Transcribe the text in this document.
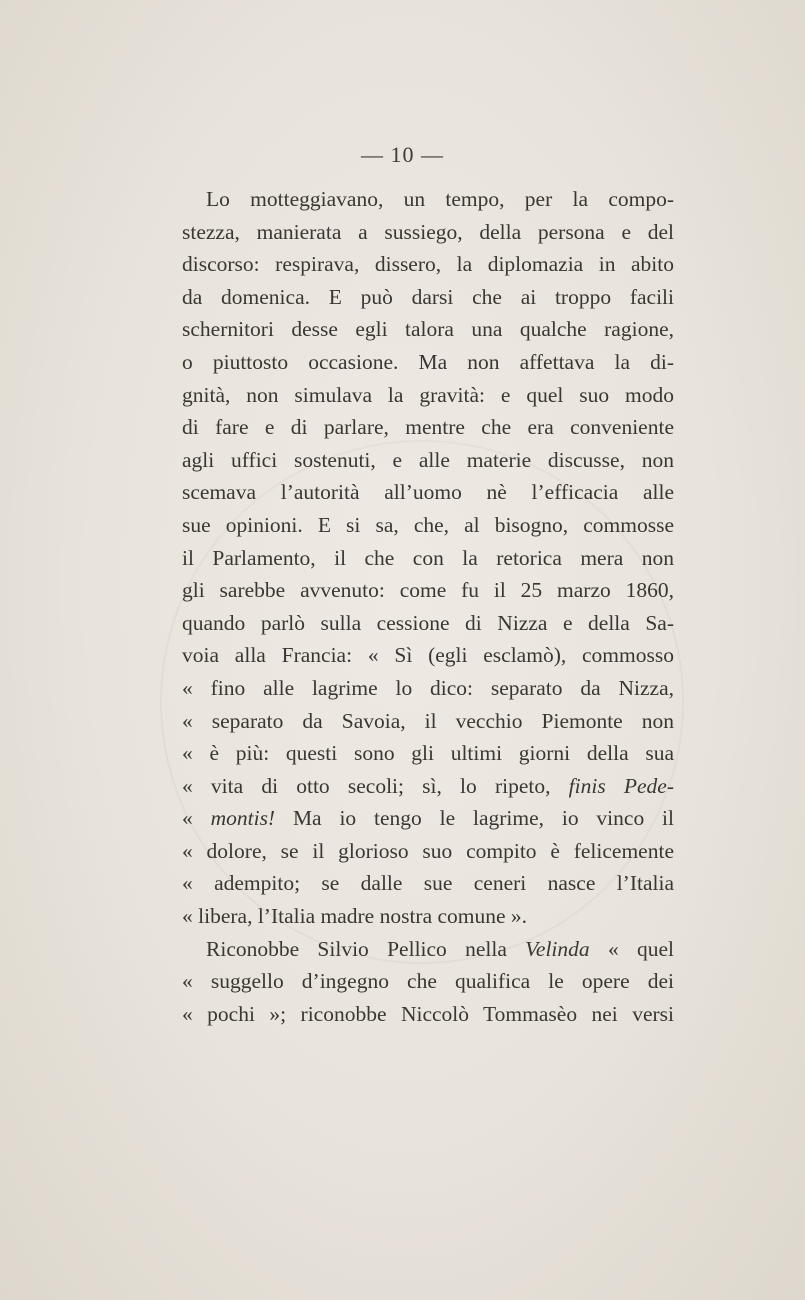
— 10 —
Lo motteggiavano, un tempo, per la compo-
stezza, manierata a sussiego, della persona e del
discorso: respirava, dissero, la diplomazia in abito
da domenica. E può darsi che ai troppo facili
schernitori desse egli talora una qualche ragione,
o piuttosto occasione. Ma non affettava la di-
gnità, non simulava la gravità: e quel suo modo
di fare e di parlare, mentre che era conveniente
agli uffici sostenuti, e alle materie discusse, non
scemava l’autorità all’uomo nè l’efficacia alle
sue opinioni. E si sa, che, al bisogno, commosse
il Parlamento, il che con la retorica mera non
gli sarebbe avvenuto: come fu il 25 marzo 1860,
quando parlò sulla cessione di Nizza e della Sa-
voia alla Francia: « Sì (egli esclamò), commosso
« fino alle lagrime lo dico: separato da Nizza,
« separato da Savoia, il vecchio Piemonte non
« è più: questi sono gli ultimi giorni della sua
« vita di otto secoli; sì, lo ripeto, finis Pede-
« montis! Ma io tengo le lagrime, io vinco il
« dolore, se il glorioso suo compito è felicemente
« adempito; se dalle sue ceneri nasce l’Italia
« libera, l’Italia madre nostra comune ».
Riconobbe Silvio Pellico nella Velinda « quel
« suggello d’ingegno che qualifica le opere dei
« pochi »; riconobbe Niccolò Tommasèo nei versi
